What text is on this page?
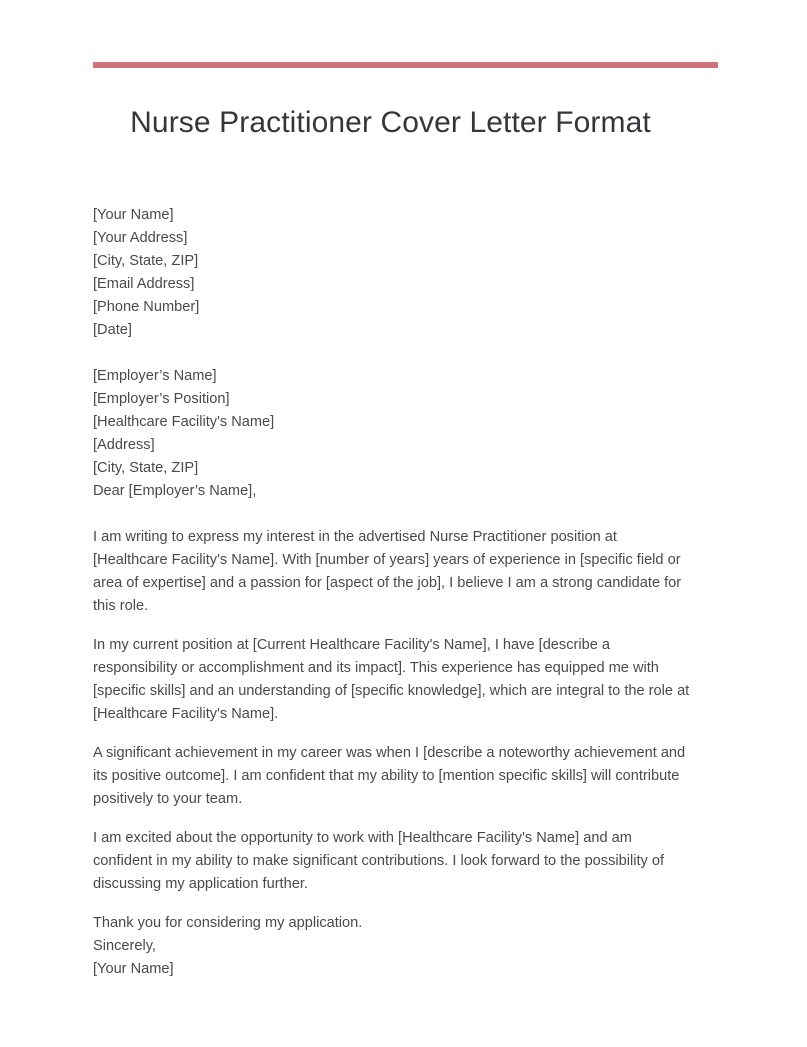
Nurse Practitioner Cover Letter Format
[Your Name]
[Your Address]
[City, State, ZIP]
[Email Address]
[Phone Number]
[Date]
[Employer’s Name]
[Employer’s Position]
[Healthcare Facility's Name]
[Address]
[City, State, ZIP]
Dear [Employer’s Name],

I am writing to express my interest in the advertised Nurse Practitioner position at [Healthcare Facility's Name]. With [number of years] years of experience in [specific field or area of expertise] and a passion for [aspect of the job], I believe I am a strong candidate for this role.

In my current position at [Current Healthcare Facility's Name], I have [describe a responsibility or accomplishment and its impact]. This experience has equipped me with [specific skills] and an understanding of [specific knowledge], which are integral to the role at [Healthcare Facility's Name].

A significant achievement in my career was when I [describe a noteworthy achievement and its positive outcome]. I am confident that my ability to [mention specific skills] will contribute positively to your team.

I am excited about the opportunity to work with [Healthcare Facility's Name] and am confident in my ability to make significant contributions. I look forward to the possibility of discussing my application further.

Thank you for considering my application.
Sincerely,
[Your Name]
